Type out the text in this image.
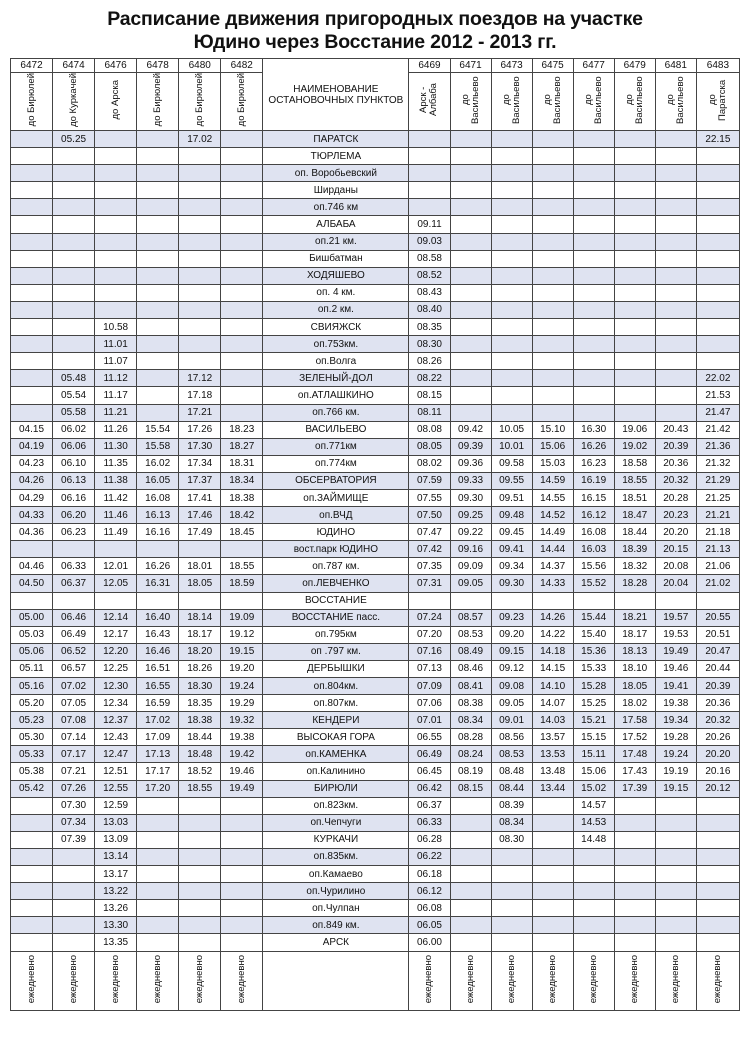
Расписание движения пригородных поездов на участке
Юдино через Восстание 2012 - 2013 гг.
6472	6474	6476	6478	6480	6482	НАИМЕНОВАНИЕ ОСТАНОВОЧНЫХ ПУНКТОВ	6469	6471	6473	6475	6477	6479	6481	6483
до Бирюлей	до Куркачей	до Арска	до Бирюлей	до Бирюлей	до Бирюлей		Арск - Албаба	до Васильево	до Васильево	до Васильево	до Васильево	до Васильево	до Васильево	до Паратска
	05.25			17.02		ПАРАТСК								22.15
						ТЮРЛЕМА								
						оп. Воробьевский								
						Ширданы								
						оп.746 км								
						АЛБАБА	09.11							
						оп.21 км.	09.03							
						Бишбатман	08.58							
						ХОДЯШЕВО	08.52							
						оп. 4 км.	08.43							
						оп.2 км.	08.40							
		10.58				СВИЯЖСК	08.35							
		11.01				оп.753км.	08.30							
		11.07				оп.Волга	08.26							
	05.48	11.12		17.12		ЗЕЛЕНЫЙ-ДОЛ	08.22							22.02
	05.54	11.17		17.18		оп.АТЛАШКИНО	08.15							21.53
	05.58	11.21		17.21		оп.766 км.	08.11							21.47
04.15	06.02	11.26	15.54	17.26	18.23	ВАСИЛЬЕВО	08.08	09.42	10.05	15.10	16.30	19.06	20.43	21.42
04.19	06.06	11.30	15.58	17.30	18.27	оп.771км	08.05	09.39	10.01	15.06	16.26	19.02	20.39	21.36
04.23	06.10	11.35	16.02	17.34	18.31	оп.774км	08.02	09.36	09.58	15.03	16.23	18.58	20.36	21.32
04.26	06.13	11.38	16.05	17.37	18.34	ОБСЕРВАТОРИЯ	07.59	09.33	09.55	14.59	16.19	18.55	20.32	21.29
04.29	06.16	11.42	16.08	17.41	18.38	оп.ЗАЙМИЩЕ	07.55	09.30	09.51	14.55	16.15	18.51	20.28	21.25
04.33	06.20	11.46	16.13	17.46	18.42	оп.ВЧД	07.50	09.25	09.48	14.52	16.12	18.47	20.23	21.21
04.36	06.23	11.49	16.16	17.49	18.45	ЮДИНО	07.47	09.22	09.45	14.49	16.08	18.44	20.20	21.18
						вост.парк ЮДИНО	07.42	09.16	09.41	14.44	16.03	18.39	20.15	21.13
04.46	06.33	12.01	16.26	18.01	18.55	оп.787 км.	07.35	09.09	09.34	14.37	15.56	18.32	20.08	21.06
04.50	06.37	12.05	16.31	18.05	18.59	оп.ЛЕВЧЕНКО	07.31	09.05	09.30	14.33	15.52	18.28	20.04	21.02
						ВОССТАНИЕ								
05.00	06.46	12.14	16.40	18.14	19.09	ВОССТАНИЕ пасс.	07.24	08.57	09.23	14.26	15.44	18.21	19.57	20.55
05.03	06.49	12.17	16.43	18.17	19.12	оп.795км	07.20	08.53	09.20	14.22	15.40	18.17	19.53	20.51
05.06	06.52	12.20	16.46	18.20	19.15	оп .797 км.	07.16	08.49	09.15	14.18	15.36	18.13	19.49	20.47
05.11	06.57	12.25	16.51	18.26	19.20	ДЕРБЫШКИ	07.13	08.46	09.12	14.15	15.33	18.10	19.46	20.44
05.16	07.02	12.30	16.55	18.30	19.24	оп.804км.	07.09	08.41	09.08	14.10	15.28	18.05	19.41	20.39
05.20	07.05	12.34	16.59	18.35	19.29	оп.807км.	07.06	08.38	09.05	14.07	15.25	18.02	19.38	20.36
05.23	07.08	12.37	17.02	18.38	19.32	КЕНДЕРИ	07.01	08.34	09.01	14.03	15.21	17.58	19.34	20.32
05.30	07.14	12.43	17.09	18.44	19.38	ВЫСОКАЯ ГОРА	06.55	08.28	08.56	13.57	15.15	17.52	19.28	20.26
05.33	07.17	12.47	17.13	18.48	19.42	оп.КАМЕНКА	06.49	08.24	08.53	13.53	15.11	17.48	19.24	20.20
05.38	07.21	12.51	17.17	18.52	19.46	оп.Калинино	06.45	08.19	08.48	13.48	15.06	17.43	19.19	20.16
05.42	07.26	12.55	17.20	18.55	19.49	БИРЮЛИ	06.42	08.15	08.44	13.44	15.02	17.39	19.15	20.12
	07.30	12.59				оп.823км.	06.37		08.39		14.57			
	07.34	13.03				оп.Чепчуги	06.33		08.34		14.53			
	07.39	13.09				КУРКАЧИ	06.28		08.30		14.48			
		13.14				оп.835км.	06.22							
		13.17				оп.Камаево	06.18							
		13.22				оп.Чурилино	06.12							
		13.26				оп.Чулпан	06.08							
		13.30				оп.849 км.	06.05							
		13.35				АРСК	06.00							
ежедневно	ежедневно	ежедневно	ежедневно	ежедневно	ежедневно		ежедневно	ежедневно	ежедневно	ежедневно	ежедневно	ежедневно	ежедневно	ежедневно
